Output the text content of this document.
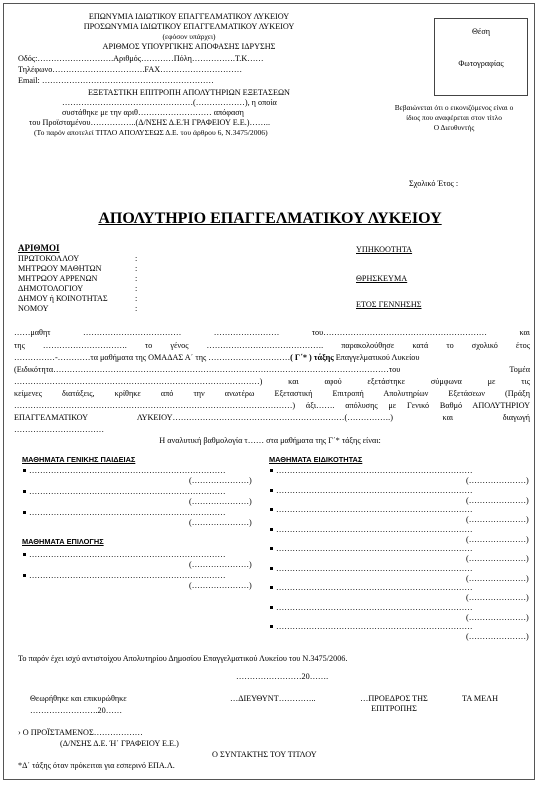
ΕΠΩΝΥΜΙΑ ΙΔΙΩΤΙΚΟΥ ΕΠΑΓΓΕΛΜΑΤΙΚΟΥ ΛΥΚΕΙΟΥ
ΠΡΟΣΩΝΥΜΙΑ ΙΔΙΩΤΙΚΟΥ ΕΠΑΓΓΕΛΜΑΤΙΚΟΥ ΛΥΚΕΙΟΥ
(εφόσον υπάρχει)
ΑΡΙΘΜΟΣ ΥΠΟΥΡΓΙΚΗΣ ΑΠΟΦΑΣΗΣ ΙΔΡΥΣΗΣ
Οδός:……………………….Αριθμός…………Πόλη…………….Τ.Κ……
Τηλέφωνο…………………………….FAX…………………………
Email: ………………………………………………………
ΕΞΕΤΑΣΤΙΚΗ ΕΠΙΤΡΟΠΗ ΑΠΟΛΥΤΗΡΙΩΝ ΕΞΕΤΑΣΕΩΝ
…………………………………………(………………), η οποία
συστάθηκε με την αριθ……………………… απόφαση
του Προϊσταμένου……………..(Δ/ΝΣΗΣ Δ.Ε.Ή ΓΡΑΦΕΙΟΥ Ε.Ε.)……..
(Το παρόν αποτελεί ΤΙΤΛΟ ΑΠΟΛΥΣΕΩΣ Δ.Ε. του άρθρου 6, Ν.3475/2006)
Θέση
Φωτογραφίας
Βεβαιώνεται ότι ο εικονιζόμενος είναι ο
ίδιος που αναφέρεται στον τίτλο
Ο Διευθυντής
Σχολικό Έτος :
ΑΠΟΛΥΤΗΡΙΟ ΕΠΑΓΓΕΛΜΑΤΙΚΟΥ ΛΥΚΕΙΟΥ
ΑΡΙΘΜΟΙ
ΠΡΩΤΟΚΟΛΛΟΥ
ΜΗΤΡΩΟΥ ΜΑΘΗΤΩΝ
ΜΗΤΡΩΟΥ ΑΡΡΕΝΩΝ
ΔΗΜΟΤΟΛΟΓΙΟΥ
ΔΗΜΟΥ ή ΚΟΙΝΟΤΗΤΑΣ
ΝΟΜΟΥ
:
:
:
:
:
:
ΥΠΗΚΟΟΤΗΤΑ
ΘΡΗΣΚΕΥΜΑ
ΕΤΟΣ ΓΕΝΝΗΣΗΣ
……μαθητ ……………………………… …………………… του…………………………………………………… και
της …………………………. το γένος ……………………………………. παρακολούθησε κατά το σχολικό έτος
……………-…………τα μαθήματα της ΟΜΑΔΑΣ Α΄ της …………………………( Γ΄* ) τάξης Επαγγελματικού Λυκείου
(Ειδικότητα……………………………………………………………………………………………………………του Τομέα
………………………………………………………………………………) και αφού εξετάστηκε σύμφωνα με τις
κείμενες διατάξεις, κρίθηκε από την ανωτέρω Εξεταστική Επιτροπή Απολυτηρίων Εξετάσεων (Πράξη
…………………………………………………………………………………………) άξι……. απόλυσης με Γενικό Βαθμό ΑΠΟΛΥΤΗΡΙΟΥ
ΕΠΑΓΓΕΛΜΑΤΙΚΟΥ ΛΥΚΕΙΟΥ………………………………………………………(…………….) και διαγωγή
……………………………
Η αναλυτική βαθμολογία τ…… στα μαθήματα της Γ΄* τάξης είναι:
ΜΑΘΗΜΑΤΑ ΓΕΝΙΚΗΣ ΠΑΙΔΕΙΑΣ	ΜΑΘΗΜΑΤΑ ΕΙΔΙΚΟΤΗΤΑΣ
………………………………………………………………
(…………………)
………………………………………………………………
(…………………)
………………………………………………………………
(…………………)
ΜΑΘΗΜΑΤΑ ΕΠΙΛΟΓΗΣ
………………………………………………………………
(…………………)
………………………………………………………………
(…………………)
………………………………………………………………
(…………………)
………………………………………………………………
(…………………)
………………………………………………………………
(…………………)
………………………………………………………………
(…………………)
………………………………………………………………
(…………………)
………………………………………………………………
(…………………)
………………………………………………………………
(…………………)
………………………………………………………………
(…………………)
………………………………………………………………
(…………………)
Το παρόν έχει ισχύ αντιστοίχου Απολυτηρίου Δημοσίου Επαγγελματικού Λυκείου του Ν.3475/2006.
……………………20…….
Θεωρήθηκε και επικυρώθηκε
…………………….20……
…ΔΙΕΥΘΥΝΤ…………..	…ΠΡΟΕΔΡΟΣ ΤΗΣ
ΕΠΙΤΡΟΠΗΣ
ΤΑ ΜΕΛΗ
› Ο ΠΡΟΪΣΤΑΜΕΝΟΣ………………
(Δ/ΝΣΗΣ Δ.Ε. Ή΄ ΓΡΑΦΕΙΟΥ Ε.Ε.)
Ο ΣΥΝΤΑΚΤΗΣ ΤΟΥ ΤΙΤΛΟΥ
*Δ΄ τάξης όταν πρόκειται για εσπερινό ΕΠΑ.Λ.
